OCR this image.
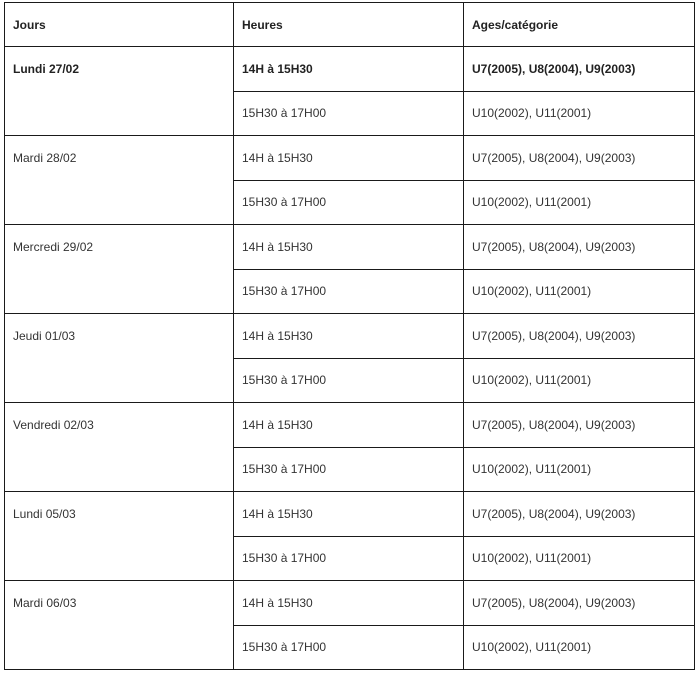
Jours	Heures	Ages/catégorie
Lundi 27/02	14H à 15H30	U7(2005), U8(2004), U9(2003)
	15H30 à 17H00	U10(2002), U11(2001)
Mardi 28/02	14H à 15H30	U7(2005), U8(2004), U9(2003)
	15H30 à 17H00	U10(2002), U11(2001)
Mercredi 29/02	14H à 15H30	U7(2005), U8(2004), U9(2003)
	15H30 à 17H00	U10(2002), U11(2001)
Jeudi 01/03	14H à 15H30	U7(2005), U8(2004), U9(2003)
	15H30 à 17H00	U10(2002), U11(2001)
Vendredi 02/03	14H à 15H30	U7(2005), U8(2004), U9(2003)
	15H30 à 17H00	U10(2002), U11(2001)
Lundi 05/03	14H à 15H30	U7(2005), U8(2004), U9(2003)
	15H30 à 17H00	U10(2002), U11(2001)
Mardi 06/03	14H à 15H30	U7(2005), U8(2004), U9(2003)
	15H30 à 17H00	U10(2002), U11(2001)
